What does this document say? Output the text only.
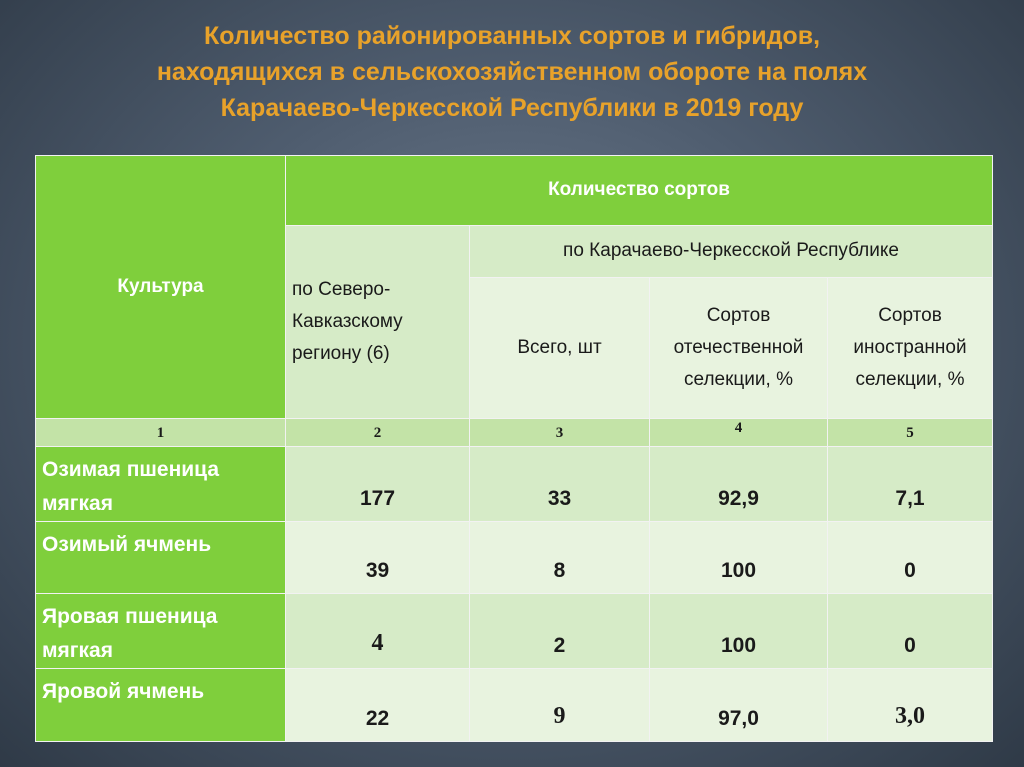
Количество районированных сортов и гибридов,
находящихся в сельскохозяйственном обороте на полях
Карачаево-Черкесской Республики в 2019 году
Культура	Количество сортов			
	по Северо-Кавказскому региону (6)	по Карачаево-Черкесской Республике		
		Всего, шт	Сортов отечественной селекции, %	Сортов иностранной селекции, %
1	2	3	4	5
Озимая пшеница мягкая	177	33	92,9	7,1
Озимый ячмень	39	8	100	0
Яровая пшеница мягкая	4	2	100	0
Яровой ячмень	22	9	97,0	3,0
